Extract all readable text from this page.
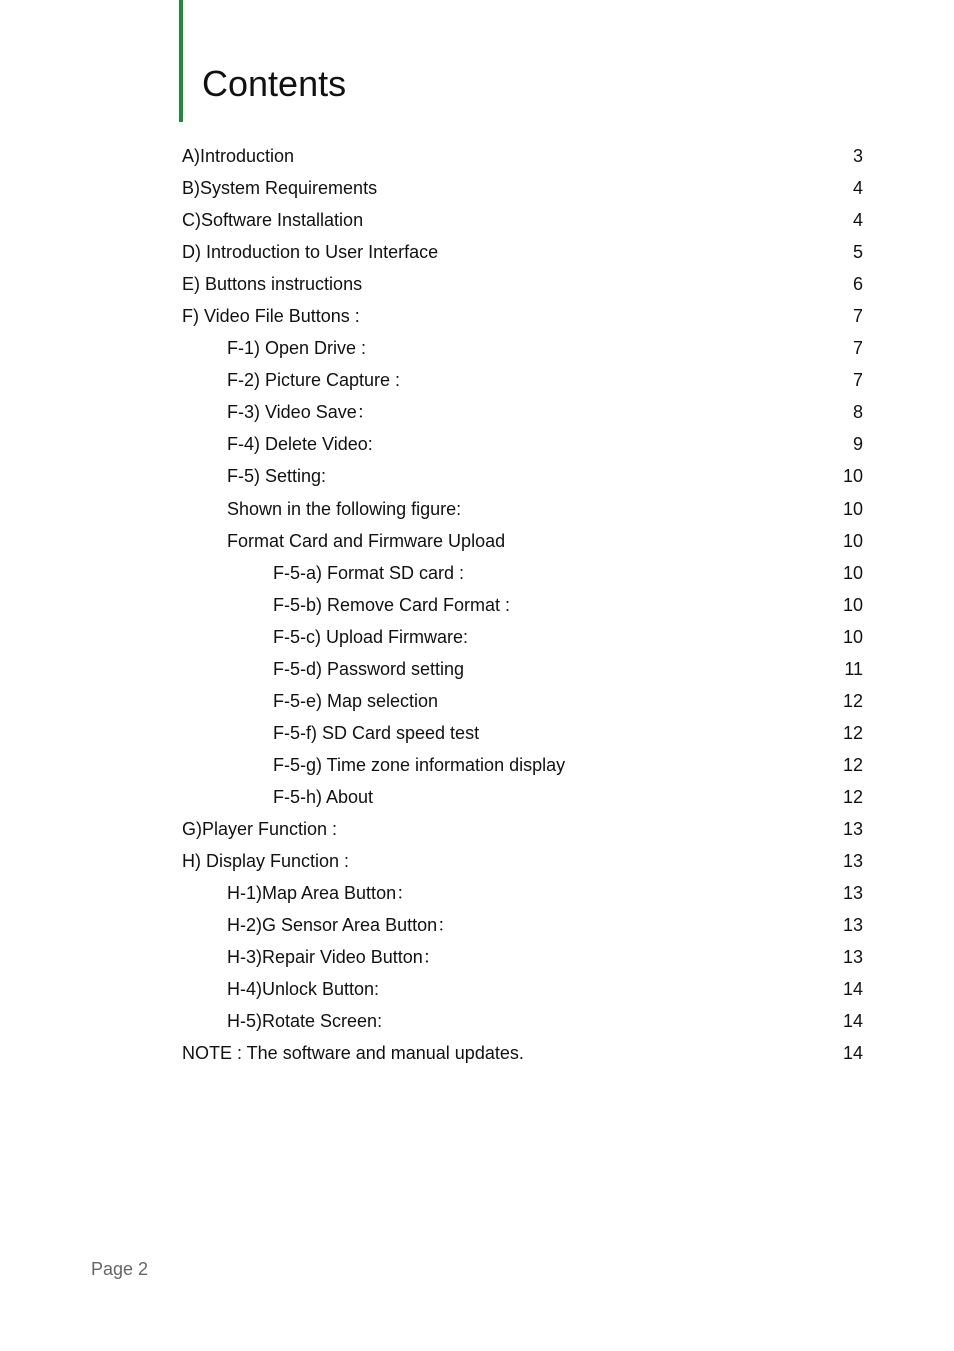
Contents
A)Introduction	3
B)System Requirements	4
C)Software Installation	4
D) Introduction to User Interface	5
E) Buttons instructions	6
F) Video File Buttons :	7
F-1) Open Drive :	7
F-2) Picture Capture :	7
F-3) Video Save：	8
F-4) Delete Video:	9
F-5) Setting:	10
Shown in the following figure:	10
Format Card and Firmware Upload	10
F-5-a) Format SD card :	10
F-5-b) Remove Card Format :	10
F-5-c) Upload Firmware:	10
F-5-d) Password setting	11
F-5-e) Map selection	12
F-5-f) SD Card speed test	12
F-5-g) Time zone information display	12
F-5-h) About	12
G)Player Function :	13
H) Display Function :	13
H-1)Map Area Button：	13
H-2)G Sensor Area Button：	13
H-3)Repair Video Button：	13
H-4)Unlock Button:	14
H-5)Rotate Screen:	14
NOTE : The software and manual updates.	14
Page 2
